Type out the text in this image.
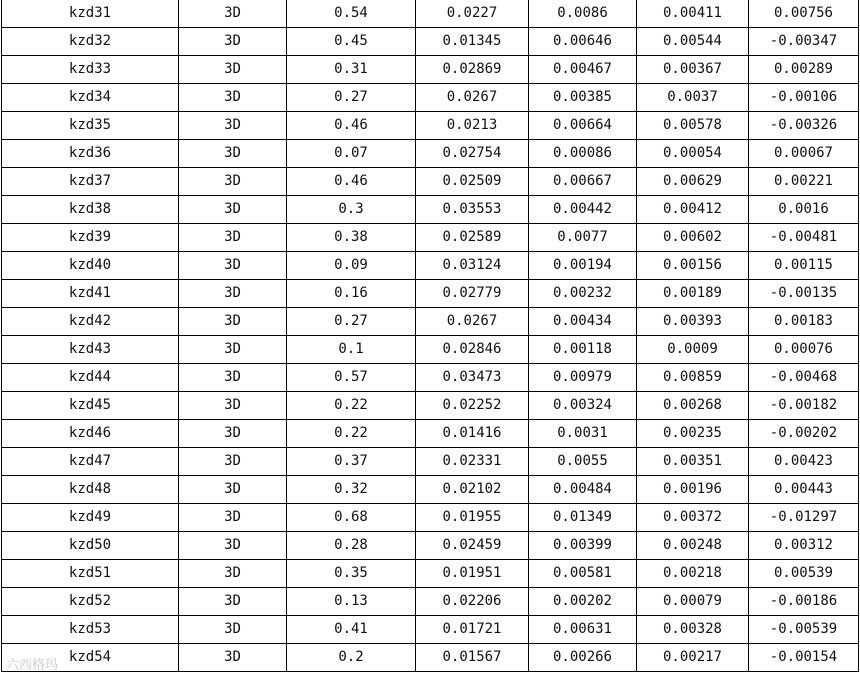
kzd31	3D	0.54	0.0227	0.0086	0.00411	0.00756
kzd32	3D	0.45	0.01345	0.00646	0.00544	-0.00347
kzd33	3D	0.31	0.02869	0.00467	0.00367	0.00289
kzd34	3D	0.27	0.0267	0.00385	0.0037	-0.00106
kzd35	3D	0.46	0.0213	0.00664	0.00578	-0.00326
kzd36	3D	0.07	0.02754	0.00086	0.00054	0.00067
kzd37	3D	0.46	0.02509	0.00667	0.00629	0.00221
kzd38	3D	0.3	0.03553	0.00442	0.00412	0.0016
kzd39	3D	0.38	0.02589	0.0077	0.00602	-0.00481
kzd40	3D	0.09	0.03124	0.00194	0.00156	0.00115
kzd41	3D	0.16	0.02779	0.00232	0.00189	-0.00135
kzd42	3D	0.27	0.0267	0.00434	0.00393	0.00183
kzd43	3D	0.1	0.02846	0.00118	0.0009	0.00076
kzd44	3D	0.57	0.03473	0.00979	0.00859	-0.00468
kzd45	3D	0.22	0.02252	0.00324	0.00268	-0.00182
kzd46	3D	0.22	0.01416	0.0031	0.00235	-0.00202
kzd47	3D	0.37	0.02331	0.0055	0.00351	0.00423
kzd48	3D	0.32	0.02102	0.00484	0.00196	0.00443
kzd49	3D	0.68	0.01955	0.01349	0.00372	-0.01297
kzd50	3D	0.28	0.02459	0.00399	0.00248	0.00312
kzd51	3D	0.35	0.01951	0.00581	0.00218	0.00539
kzd52	3D	0.13	0.02206	0.00202	0.00079	-0.00186
kzd53	3D	0.41	0.01721	0.00631	0.00328	-0.00539
kzd54	3D	0.2	0.01567	0.00266	0.00217	-0.00154
六西格玛
